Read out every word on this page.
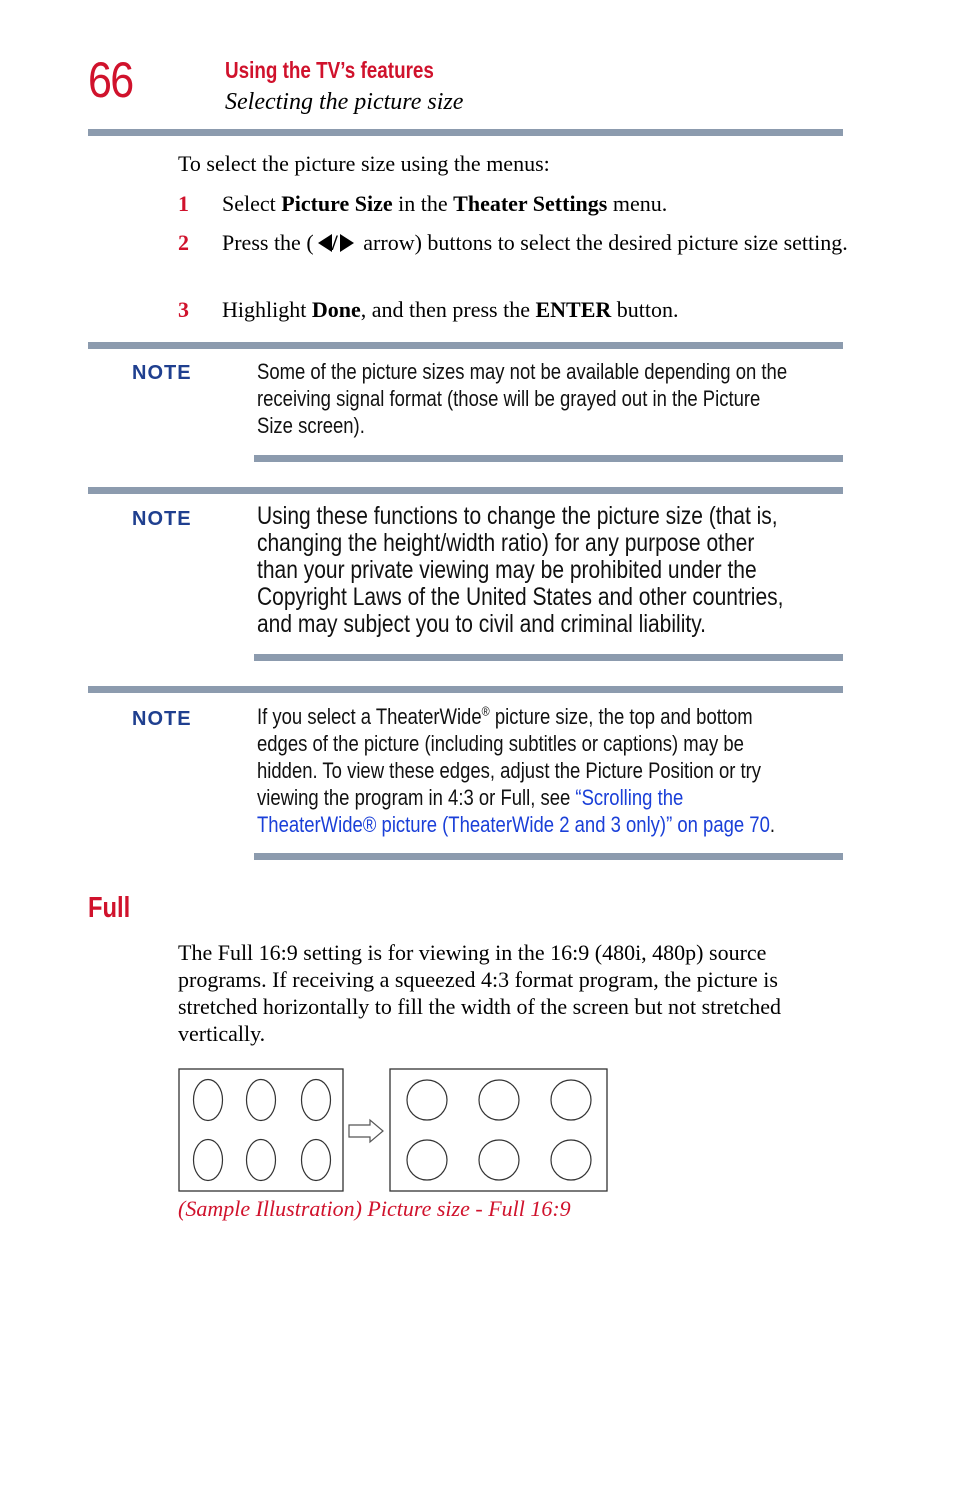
66	Using the TV’s features
Selecting the picture size
To select the picture size using the menus:
1 Select Picture Size in the Theater Settings menu.
2 Press the ( / arrow) buttons to select the desired picture size setting.
3 Highlight Done, and then press the ENTER button.
NOTE	Some of the picture sizes may not be available depending on the receiving signal format (those will be grayed out in the Picture Size screen).
NOTE	Using these functions to change the picture size (that is, changing the height/width ratio) for any purpose other than your private viewing may be prohibited under the Copyright Laws of the United States and other countries, and may subject you to civil and criminal liability.
NOTE	If you select a TheaterWide® picture size, the top and bottom edges of the picture (including subtitles or captions) may be hidden. To view these edges, adjust the Picture Position or try viewing the program in 4:3 or Full, see “Scrolling the TheaterWide® picture (TheaterWide 2 and 3 only)” on page 70.
Full
The Full 16:9 setting is for viewing in the 16:9 (480i, 480p) source programs. If receiving a squeezed 4:3 format program, the picture is stretched horizontally to fill the width of the screen but not stretched vertically.
(Sample Illustration) Picture size - Full 16:9
